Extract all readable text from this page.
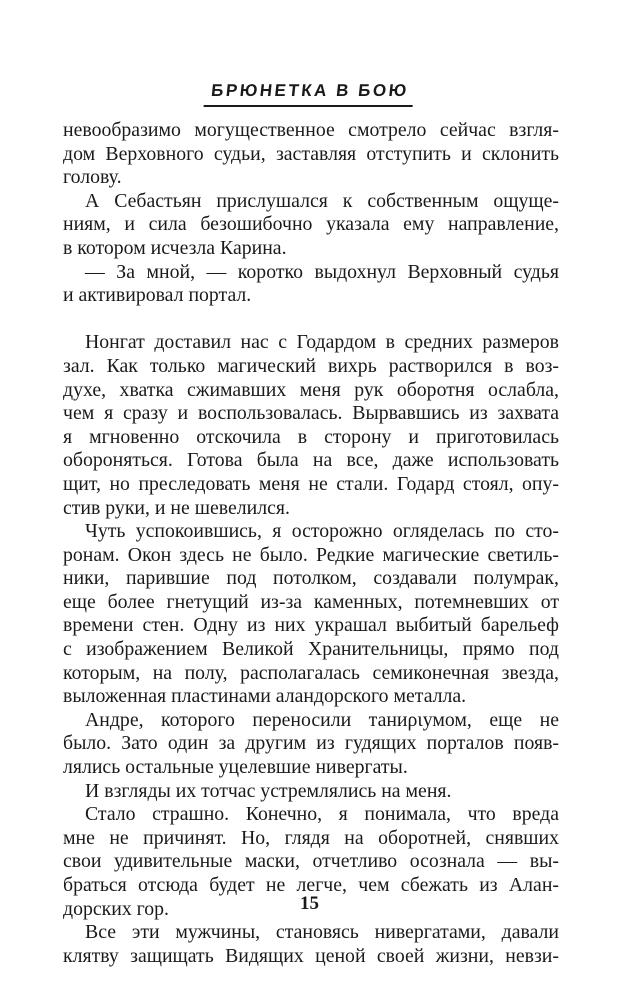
БРЮНЕТКА В БОЮ
невообразимо могущественное смотрело сейчас взгля-
дом Верховного судьи, заставляя отступить и склонить
голову.
А Себастьян прислушался к собственным ощуще-
ниям, и сила безошибочно указала ему направление,
в котором исчезла Карина.
— За мной, — коротко выдохнул Верховный судья
и активировал портал.
Нонгат доставил нас с Годардом в средних размеров
зал. Как только магический вихрь растворился в воз-
духе, хватка сжимавших меня рук оборотня ослабла,
чем я сразу и воспользовалась. Вырвавшись из захвата
я мгновенно отскочила в сторону и приготовилась
обороняться. Готова была на все, даже использовать
щит, но преследовать меня не стали. Годард стоял, опу-
стив руки, и не шевелился.
Чуть успокоившись, я осторожно огляделась по сто-
ронам. Окон здесь не было. Редкие магические светиль-
ники, парившие под потолком, создавали полумрак,
еще более гнетущий из-за каменных, потемневших от
времени стен. Одну из них украшал выбитый барельеф
с изображением Великой Хранительницы, прямо под
которым, на полу, располагалась семиконечная звезда,
выложенная пластинами аландорского металла.
Андре, которого переносили таниριумом, еще не
было. Зато один за другим из гудящих порталов появ-
лялись остальные уцелевшие нивергаты.
И взгляды их тотчас устремлялись на меня.
Стало страшно. Конечно, я понимала, что вреда
мне не причинят. Но, глядя на оборотней, снявших
свои удивительные маски, отчетливо осознала — вы-
браться отсюда будет не легче, чем сбежать из Алан-
дорских гор.
Все эти мужчины, становясь нивергатами, давали
клятву защищать Видящих ценой своей жизни, невзи-
15
